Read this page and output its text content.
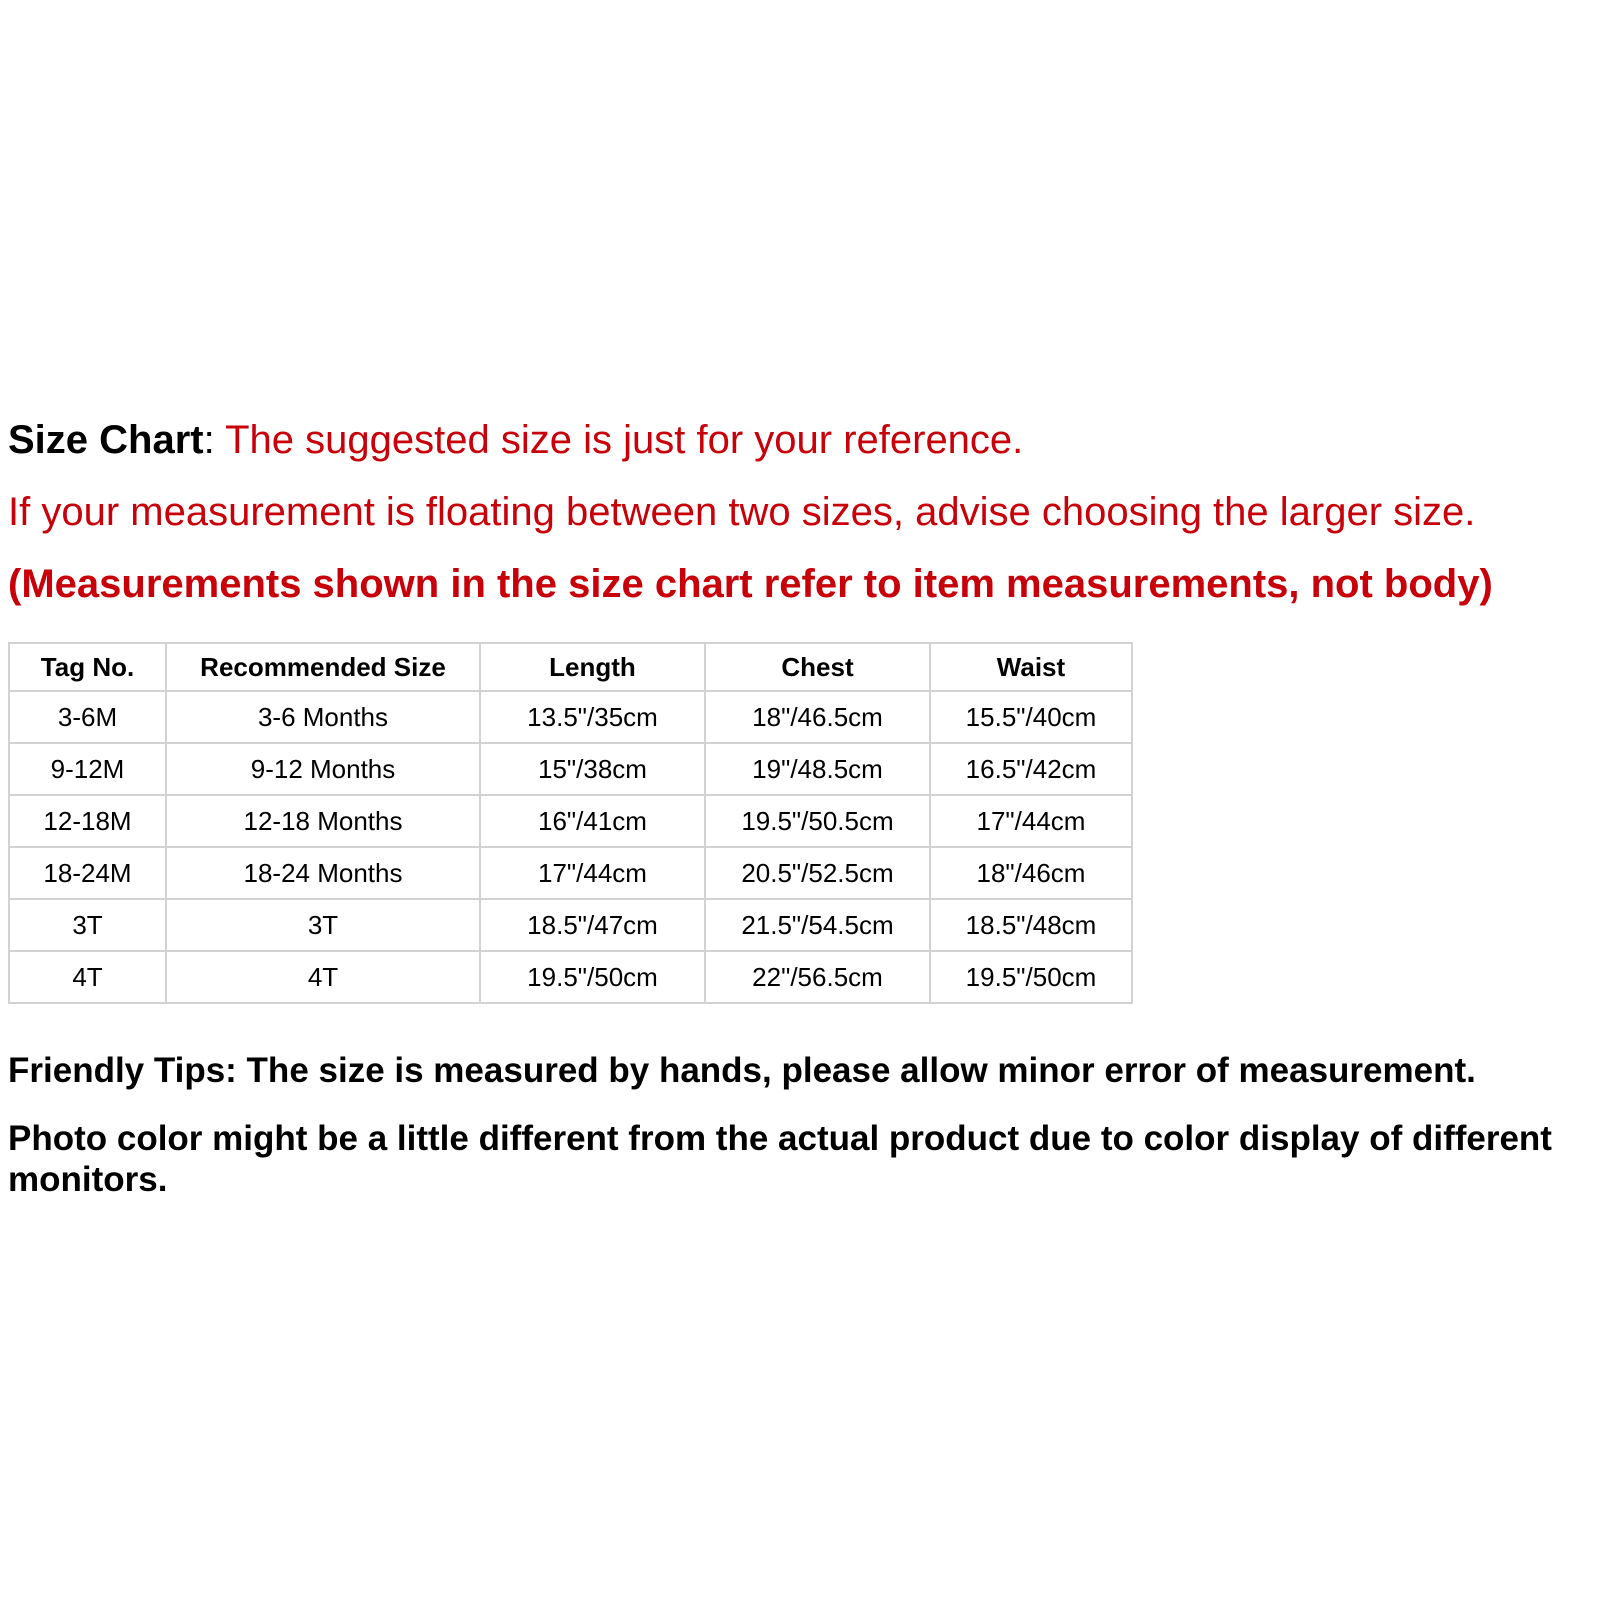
Size Chart: The suggested size is just for your reference.

If your measurement is floating between two sizes, advise choosing the larger size.

(Measurements shown in the size chart refer to item measurements, not body)

Tag No.	Recommended Size	Length	Chest	Waist
3-6M	3-6 Months	13.5"/35cm	18"/46.5cm	15.5"/40cm
9-12M	9-12 Months	15"/38cm	19"/48.5cm	16.5"/42cm
12-18M	12-18 Months	16"/41cm	19.5"/50.5cm	17"/44cm
18-24M	18-24 Months	17"/44cm	20.5"/52.5cm	18"/46cm
3T	3T	18.5"/47cm	21.5"/54.5cm	18.5"/48cm
4T	4T	19.5"/50cm	22"/56.5cm	19.5"/50cm

Friendly Tips: The size is measured by hands, please allow minor error of measurement.

Photo color might be a little different from the actual product due to color display of different monitors.
